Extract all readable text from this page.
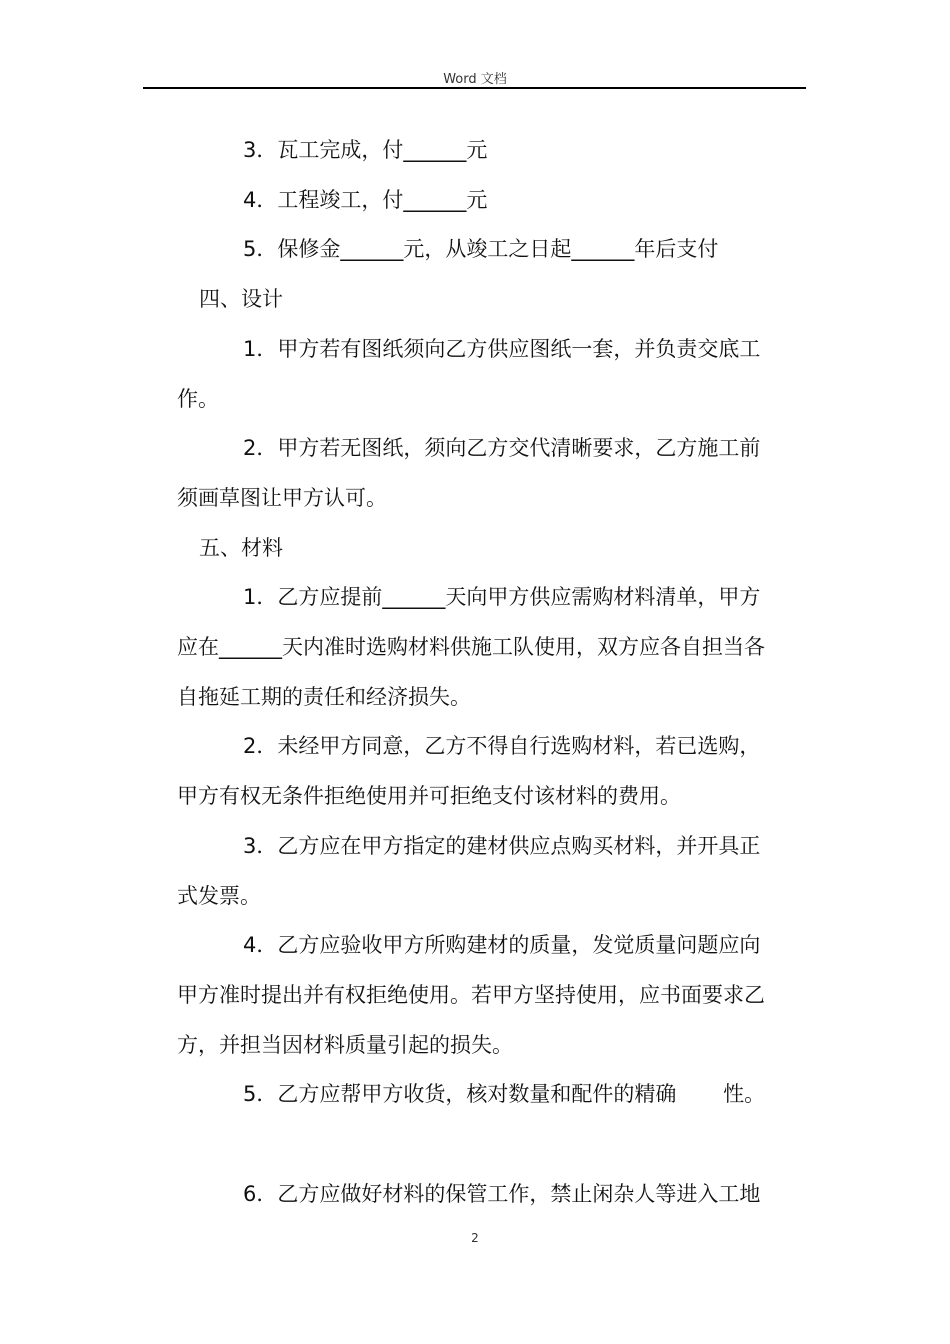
Word 文档
3．瓦工完成，付______元
4．工程竣工，付______元
5．保修金______元，从竣工之日起______年后支付
四、设计
1．甲方若有图纸须向乙方供应图纸一套，并负责交底工
作。
2．甲方若无图纸，须向乙方交代清晰要求，乙方施工前
须画草图让甲方认可。
五、材料
1．乙方应提前______天向甲方供应需购材料清单，甲方
应在______天内准时选购材料供施工队使用，双方应各自担当各
自拖延工期的责任和经济损失。
2．未经甲方同意，乙方不得自行选购材料，若已选购，
甲方有权无条件拒绝使用并可拒绝支付该材料的费用。
3．乙方应在甲方指定的建材供应点购买材料，并开具正
式发票。
4．乙方应验收甲方所购建材的质量，发觉质量问题应向
甲方准时提出并有权拒绝使用。若甲方坚持使用，应书面要求乙
方，并担当因材料质量引起的损失。
5．乙方应帮甲方收货，核对数量和配件的精确       性。
6．乙方应做好材料的保管工作，禁止闲杂人等进入工地
2
